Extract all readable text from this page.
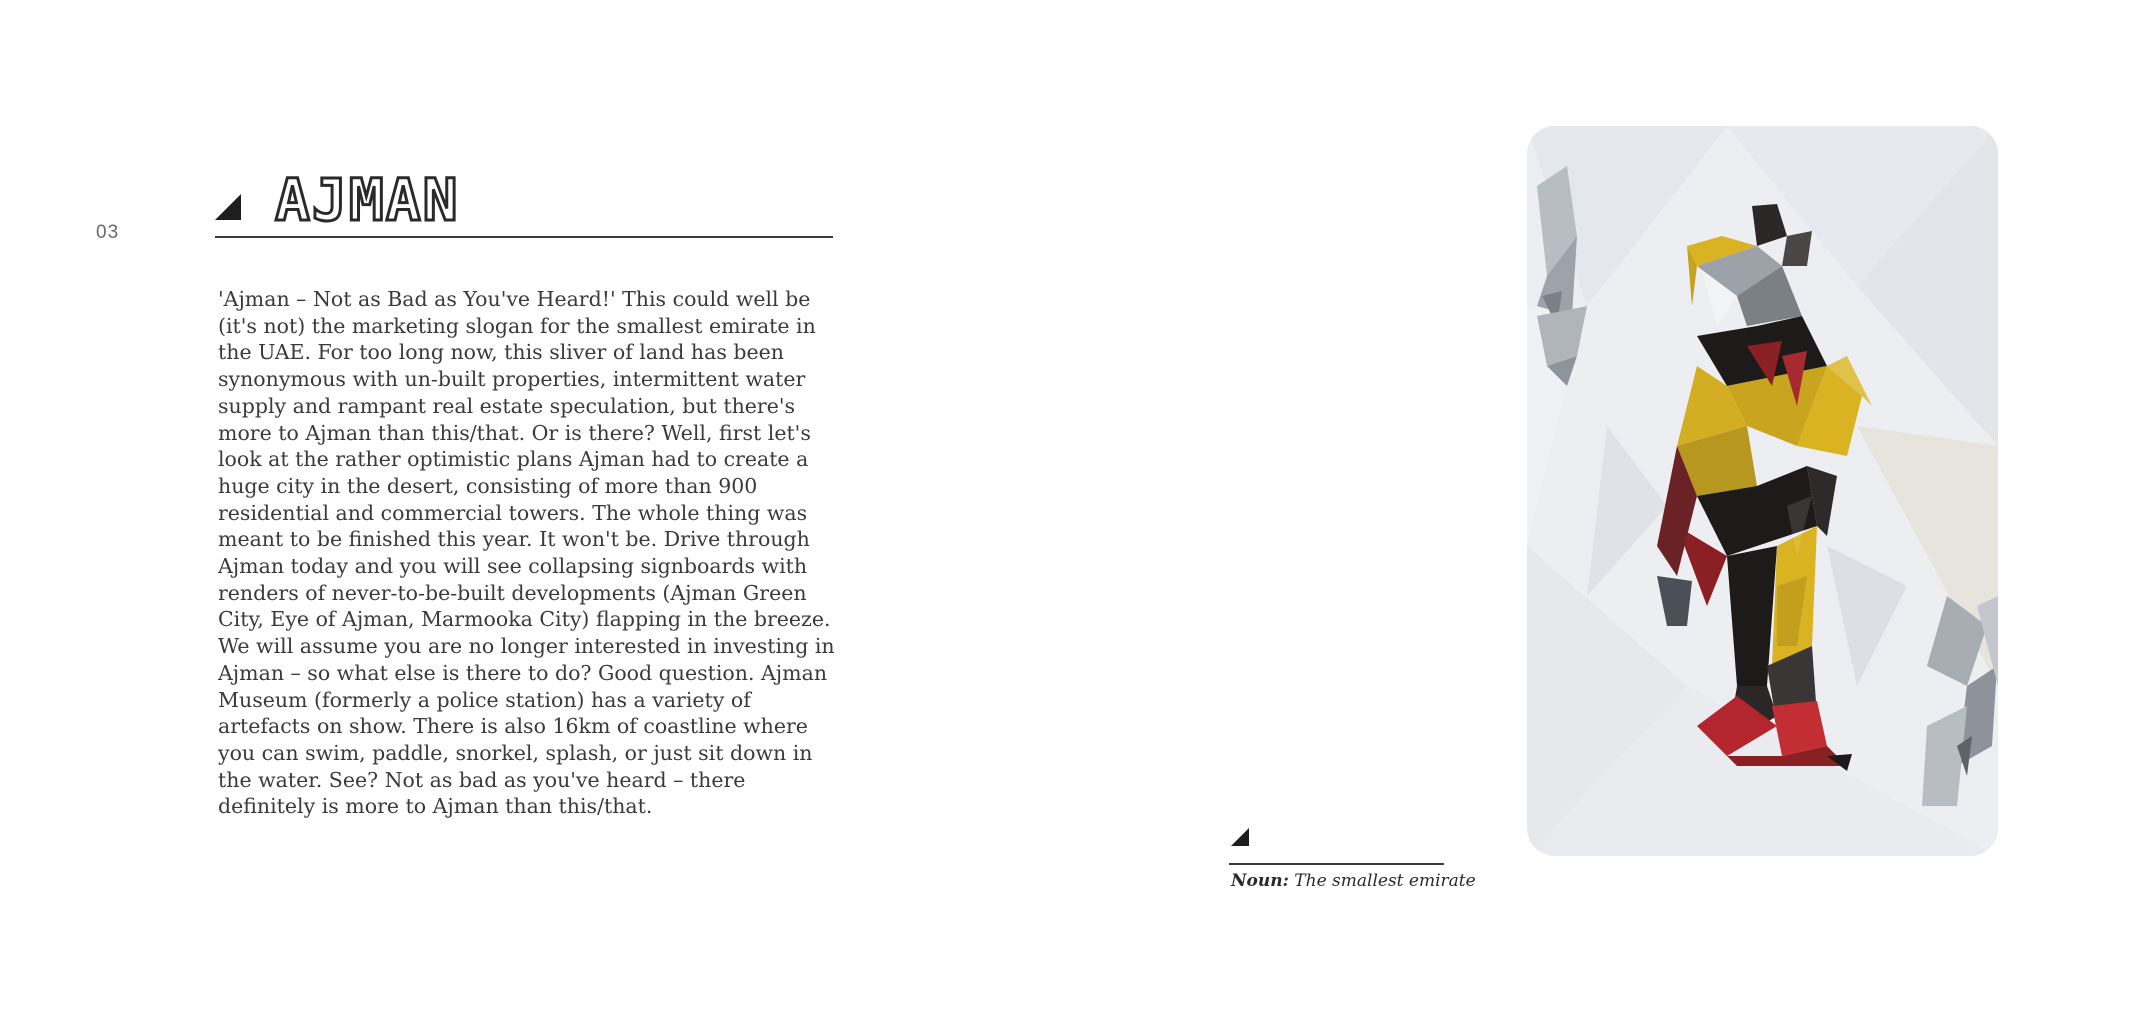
03	AJMAN

'Ajman – Not as Bad as You've Heard!' This could well be (it's not) the marketing slogan for the smallest emirate in the UAE. For too long now, this sliver of land has been synonymous with un-built properties, intermittent water supply and rampant real estate speculation, but there's more to Ajman than this/that. Or is there? Well, first let's look at the rather optimistic plans Ajman had to create a huge city in the desert, consisting of more than 900 residential and commercial towers. The whole thing was meant to be finished this year. It won't be. Drive through Ajman today and you will see collapsing signboards with renders of never-to-be-built developments (Ajman Green City, Eye of Ajman, Marmooka City) flapping in the breeze. We will assume you are no longer interested in investing in Ajman – so what else is there to do? Good question. Ajman Museum (formerly a police station) has a variety of artefacts on show. There is also 16km of coastline where you can swim, paddle, snorkel, splash, or just sit down in the water. See? Not as bad as you've heard – there definitely is more to Ajman than this/that.

Noun: The smallest emirate
